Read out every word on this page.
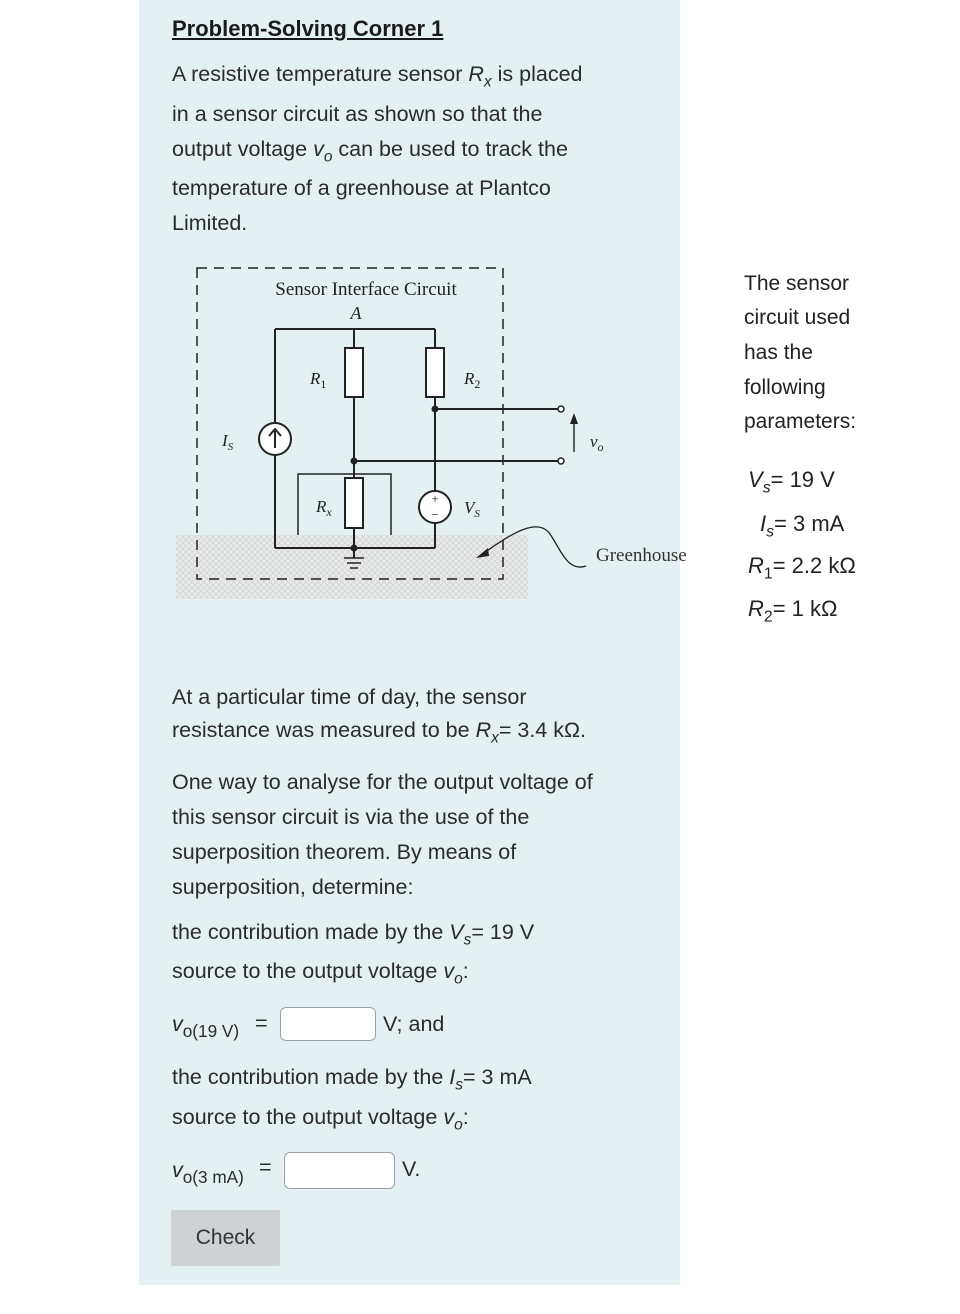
Problem-Solving Corner 1
A resistive temperature sensor $R_x$ is placed
in a sensor circuit as shown so that the
output voltage $v_o$ can be used to track the
temperature of a greenhouse at Plantco
Limited.
Sensor Interface Circuit
A
+
−
$R_1$	$R_2$
$R_x$
$I_S$
$V_S$
$v_o$
Greenhouse
The sensor
circuit used
has the
following
parameters:
$V_s= 19$ V
$I_s= 3$ mA
$R_1= 2.2$ kΩ
$R_2= 1$ kΩ
At a particular time of day, the sensor
resistance was measured to be $R_x= 3.4$ kΩ.
One way to analyse for the output voltage of
this sensor circuit is via the use of the
superposition theorem. By means of
superposition, determine:
the contribution made by the $V_s= 19$ V
source to the output voltage $v_o$:
$v_{o(19 V)}$ =	V; and
the contribution made by the $I_s= 3$ mA
source to the output voltage $v_o$:
$v_{o(3 mA)}$ =	V.
Check
